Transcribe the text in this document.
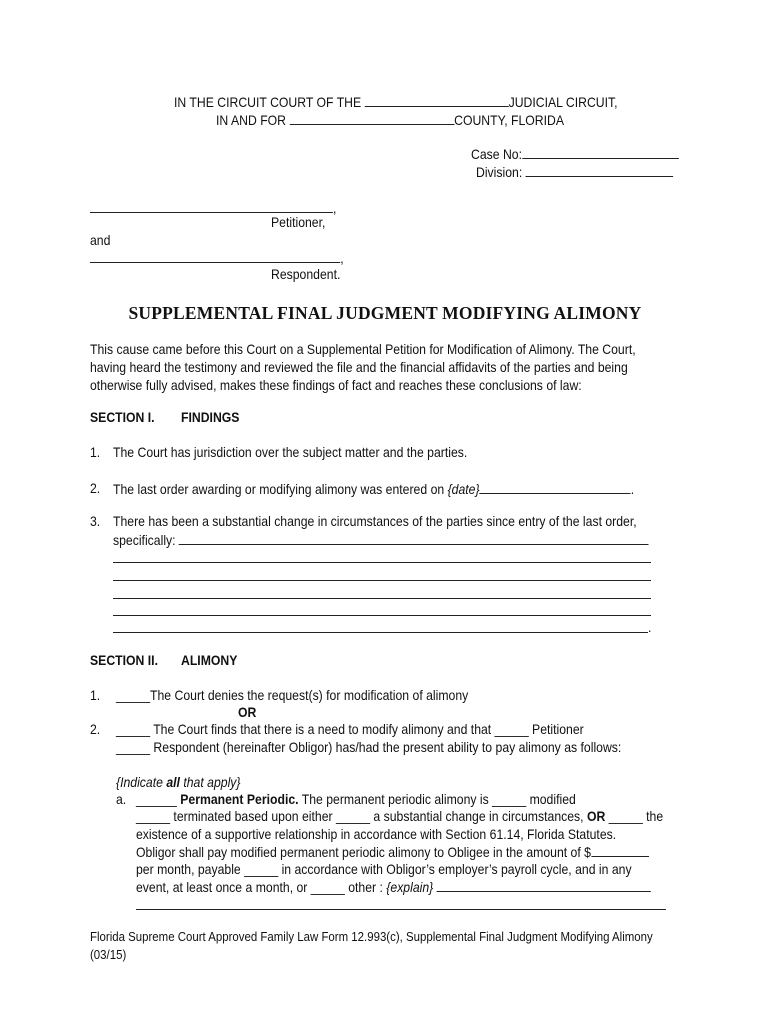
IN THE CIRCUIT COURT OF THE	JUDICIAL CIRCUIT,
IN AND FOR	COUNTY, FLORIDA
Case No:
Division:
,
Petitioner,
and
,
Respondent.
SUPPLEMENTAL FINAL JUDGMENT MODIFYING ALIMONY
This cause came before this Court on a Supplemental Petition for Modification of Alimony. The Court,
having heard the testimony and reviewed the file and the financial affidavits of the parties and being
otherwise fully advised, makes these findings of fact and reaches these conclusions of law:
SECTION I. FINDINGS
1. The Court has jurisdiction over the subject matter and the parties.
2. The last order awarding or modifying alimony was entered on {date}	.
3. There has been a substantial change in circumstances of the parties since entry of the last order,
specifically:
.
SECTION II. ALIMONY
1. _____The Court denies the request(s) for modification of alimony
OR
2. _____ The Court finds that there is a need to modify alimony and that _____ Petitioner
_____ Respondent (hereinafter Obligor) has/had the present ability to pay alimony as follows:
{Indicate all that apply}
a. ______ Permanent Periodic. The permanent periodic alimony is _____ modified
_____ terminated based upon either _____ a substantial change in circumstances, OR _____ the
existence of a supportive relationship in accordance with Section 61.14, Florida Statutes.
Obligor shall pay modified permanent periodic alimony to Obligee in the amount of $
per month, payable _____ in accordance with Obligor’s employer’s payroll cycle, and in any
event, at least once a month, or _____ other : {explain}
Florida Supreme Court Approved Family Law Form 12.993(c), Supplemental Final Judgment Modifying Alimony
(03/15)
